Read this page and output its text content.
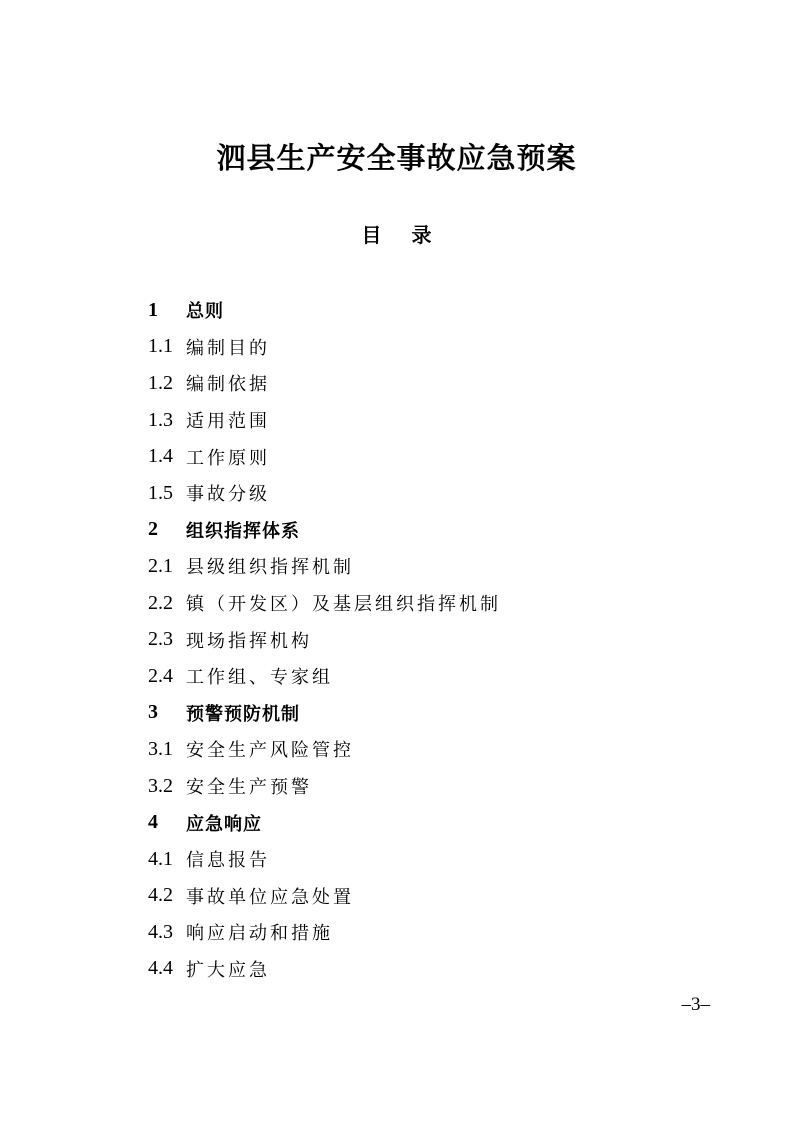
泗县生产安全事故应急预案
目录
1	总则
1.1 编制目的
1.2 编制依据
1.3 适用范围
1.4 工作原则
1.5 事故分级
2	组织指挥体系
2.1 县级组织指挥机制
2.2 镇（开发区）及基层组织指挥机制
2.3 现场指挥机构
2.4 工作组、专家组
3	预警预防机制
3.1 安全生产风险管控
3.2 安全生产预警
4	应急响应
4.1 信息报告
4.2 事故单位应急处置
4.3 响应启动和措施
4.4 扩大应急
–3–
